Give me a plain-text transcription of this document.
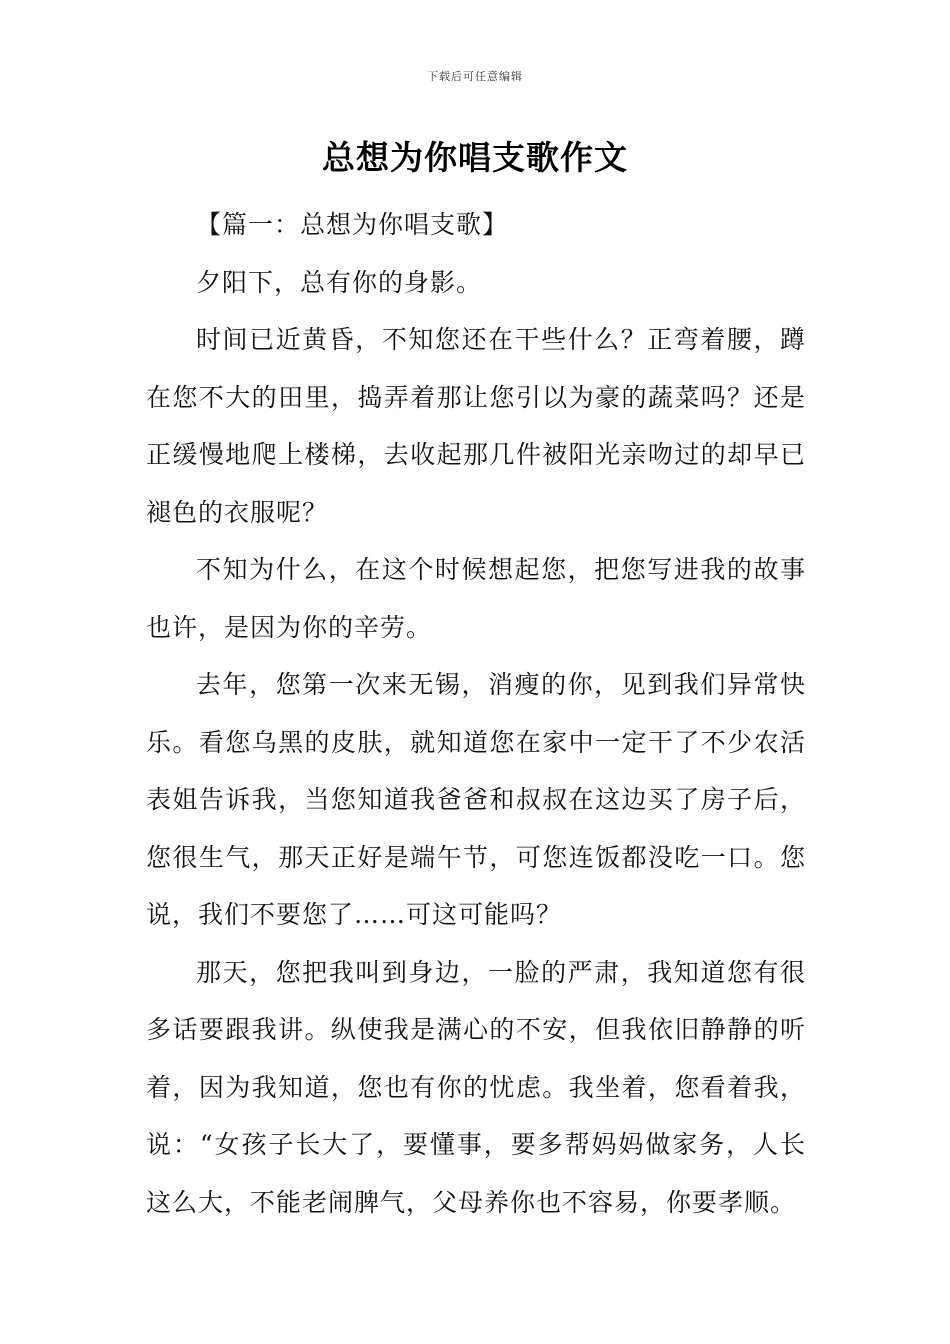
下载后可任意编辑
总想为你唱支歌作文

【篇一：总想为你唱支歌】

夕阳下，总有你的身影。

时间已近黄昏，不知您还在干些什么？正弯着腰，蹲在您不大的田里，捣弄着那让您引以为豪的蔬菜吗？还是正缓慢地爬上楼梯，去收起那几件被阳光亲吻过的却早已褪色的衣服呢？

不知为什么，在这个时候想起您，把您写进我的故事也许，是因为你的辛劳。

去年，您第一次来无锡，消瘦的你，见到我们异常快乐。看您乌黑的皮肤，就知道您在家中一定干了不少农活表姐告诉我，当您知道我爸爸和叔叔在这边买了房子后，您很生气，那天正好是端午节，可您连饭都没吃一口。您说，我们不要您了……可这可能吗？

那天，您把我叫到身边，一脸的严肃，我知道您有很多话要跟我讲。纵使我是满心的不安，但我依旧静静的听着，因为我知道，您也有你的忧虑。我坐着，您看着我，说：“女孩子长大了，要懂事，要多帮妈妈做家务，人长这么大，不能老闹脾气，父母养你也不容易，你要孝顺。
